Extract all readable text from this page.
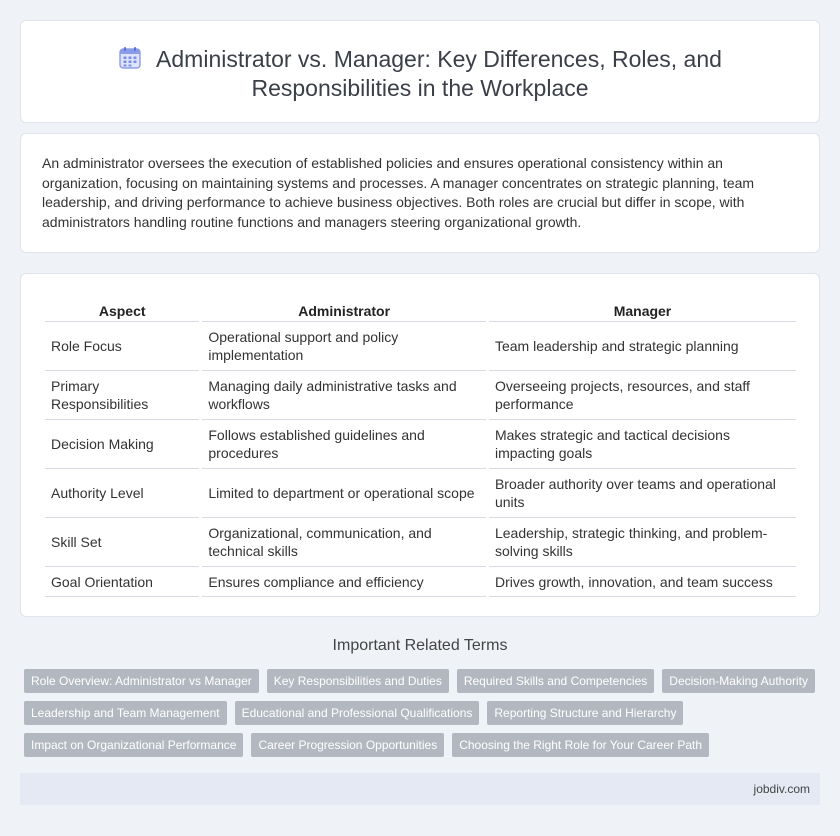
Administrator vs. Manager: Key Differences, Roles, and Responsibilities in the Workplace

An administrator oversees the execution of established policies and ensures operational consistency within an organization, focusing on maintaining systems and processes. A manager concentrates on strategic planning, team leadership, and driving performance to achieve business objectives. Both roles are crucial but differ in scope, with administrators handling routine functions and managers steering organizational growth.

Aspect	Administrator	Manager
Role Focus	Operational support and policy implementation	Team leadership and strategic planning
Primary Responsibilities	Managing daily administrative tasks and workflows	Overseeing projects, resources, and staff performance
Decision Making	Follows established guidelines and procedures	Makes strategic and tactical decisions impacting goals
Authority Level	Limited to department or operational scope	Broader authority over teams and operational units
Skill Set	Organizational, communication, and technical skills	Leadership, strategic thinking, and problem-solving skills
Goal Orientation	Ensures compliance and efficiency	Drives growth, innovation, and team success
Important Related Terms
Role Overview: Administrator vs Manager	Key Responsibilities and Duties	Required Skills and Competencies	Decision-Making Authority
Leadership and Team Management	Educational and Professional Qualifications	Reporting Structure and Hierarchy
Impact on Organizational Performance	Career Progression Opportunities	Choosing the Right Role for Your Career Path
jobdiv.com
